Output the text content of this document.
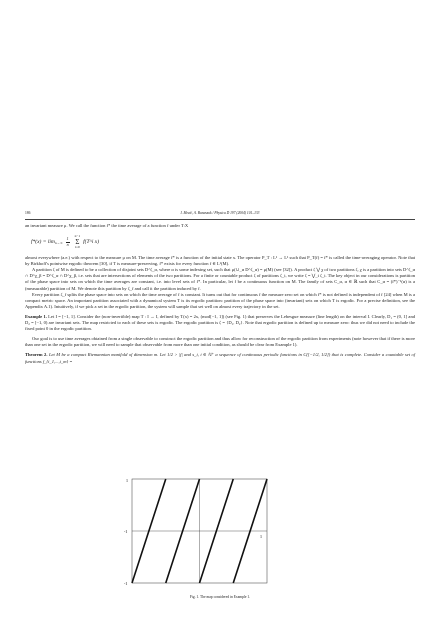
186	I. Mezić, A. Banaszuk / Physica D 197 (2004) 101–133

an invariant measure μ. We call the function f* the time average of a function f under T:X

f*(x) = lim
$n\to\infty \frac{1}{n}$
n−1
Σ
i=0
f(T^i x)

almost everywhere (a.e.) with respect to the measure μ on M. The time average f* is a function of the initial state x. The operator P_T : L¹ → L¹ such that P_T(f) = f* is called the time-averaging operator. Note that by Birkhoff's pointwise ergodic theorem [30], if T is measure-preserving, f* exists for every function f ∈ L¹(M).

A partition ζ of M is defined to be a collection of disjoint sets D^ζ_α, where α is some indexing set, such that μ(∪_α D^ζ_α) = μ(M) (see [32]). A product ζ ⋁ χ of two partitions ζ, χ is a partition into sets D^ζ_α ∩ D^χ_β = D^ζ_α ∩ D^χ_β, i.e. sets that are intersections of elements of the two partitions. For a finite or countable product ζ of partitions ζ_i, we write ζ = ⋁_i ζ_i. The key object in our considerations is partition of the phase space into sets on which the time averages are constant, i.e. into level sets of f*. In particular, let f be a continuous function on M. The family of sets C_α, α ∈ ℝ such that C_α = (f*)⁻¹(α) is a (measurable) partition of M. We denote this partition by ζ_f and call it the partition induced by f.

Every partition ζ_f splits the phase space into sets on which the time average of f is constant. It turns out that for continuous f the measure zero set on which f* is not defined is independent of f [24] when M is a compact metric space. An important partition associated with a dynamical system T is its ergodic partition: partition of the phase space into (invariant) sets on which T is ergodic. For a precise definition, see the Appendix A.1). Intuitively, if we pick a set in the ergodic partition, the system will sample that set well on almost every trajectory in the set.

Example 1. Let I = [−1, 1]. Consider the (non-invertible) map T : I → I, defined by T(x) = 2x, (mod[−1, 1]) (see Fig. 1) that preserves the Lebesgue measure (line length) on the interval I. Clearly, D₁ = (0, 1] and D₂ = [−1, 0) are invariant sets. The map restricted to each of these sets is ergodic. The ergodic partition is ζ = {D₁, D₂}. Note that ergodic partition is defined up to measure zero: thus we did not need to include the fixed point 0 in the ergodic partition.

Our goal is to use time averages obtained from a single observable to construct the ergodic partition and thus allow for reconstruction of the ergodic partition from experiments (note however that if there is more than one set in the ergodic partition, we will need to sample that observable from more than one initial condition, as should be clear from Example 1).

Theorem 2. Let M be a compact Riemannian manifold of dimension m. Let 1/2 > |f| and s_i, i ∈ ℕ⁺ a sequence of continuous periodic functions in C([−1/2, 1/2]) that is complete. Consider a countable set of functions f_{i_1,...,i_m} =

1
-1
1
-1
Fig. 1. The map considered in Example 1.
